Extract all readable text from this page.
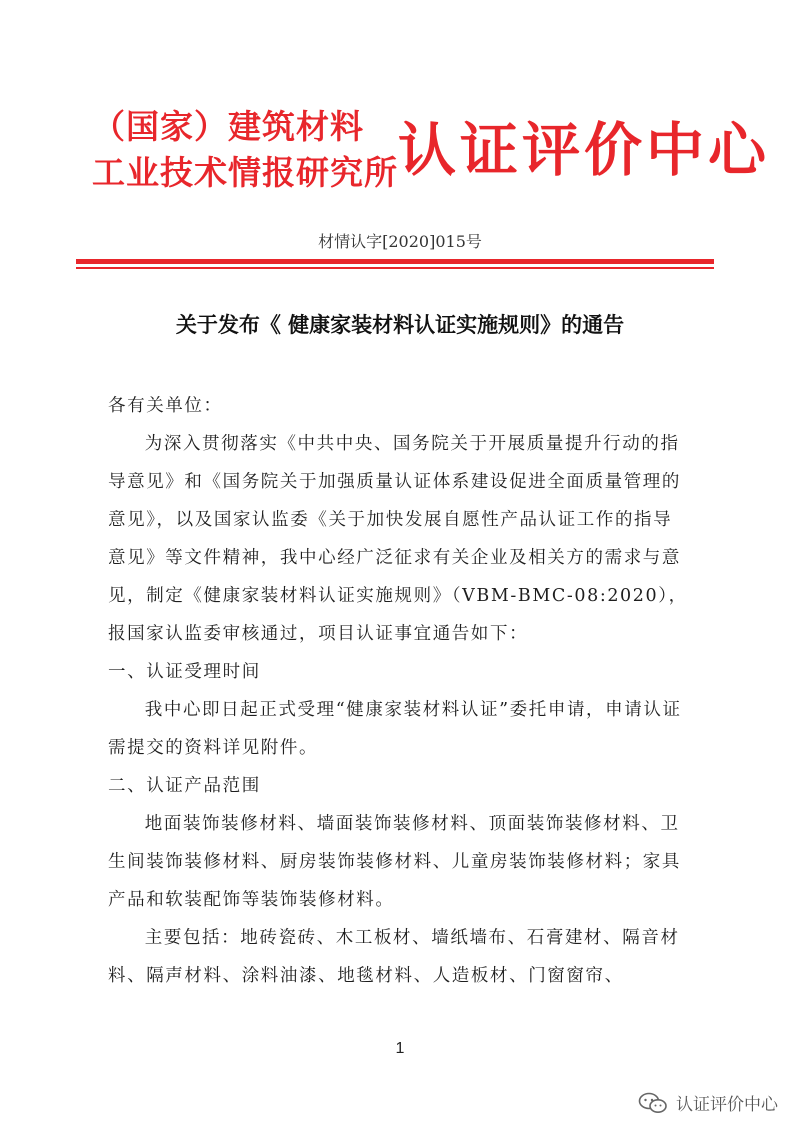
（国家）建筑材料
工业技术情报研究所 认证评价中心
材情认字[2020]015号
关于发布《 健康家装材料认证实施规则》的通告

各有关单位：

为深入贯彻落实《中共中央、国务院关于开展质量提升行动的指导意见》和《国务院关于加强质量认证体系建设促进全面质量管理的意见》，以及国家认监委《关于加快发展自愿性产品认证工作的指导意见》等文件精神，我中心经广泛征求有关企业及相关方的需求与意见，制定《健康家装材料认证实施规则》（VBM-BMC-08:2020），报国家认监委审核通过，项目认证事宜通告如下：

一、认证受理时间

我中心即日起正式受理“健康家装材料认证”委托申请，申请认证需提交的资料详见附件。

二、认证产品范围

地面装饰装修材料、墙面装饰装修材料、顶面装饰装修材料、卫生间装饰装修材料、厨房装饰装修材料、儿童房装饰装修材料；家具产品和软装配饰等装饰装修材料。

主要包括：地砖瓷砖、木工板材、墙纸墙布、石膏建材、隔音材料、隔声材料、涂料油漆、地毯材料、人造板材、门窗窗帘、

1
认证评价中心
